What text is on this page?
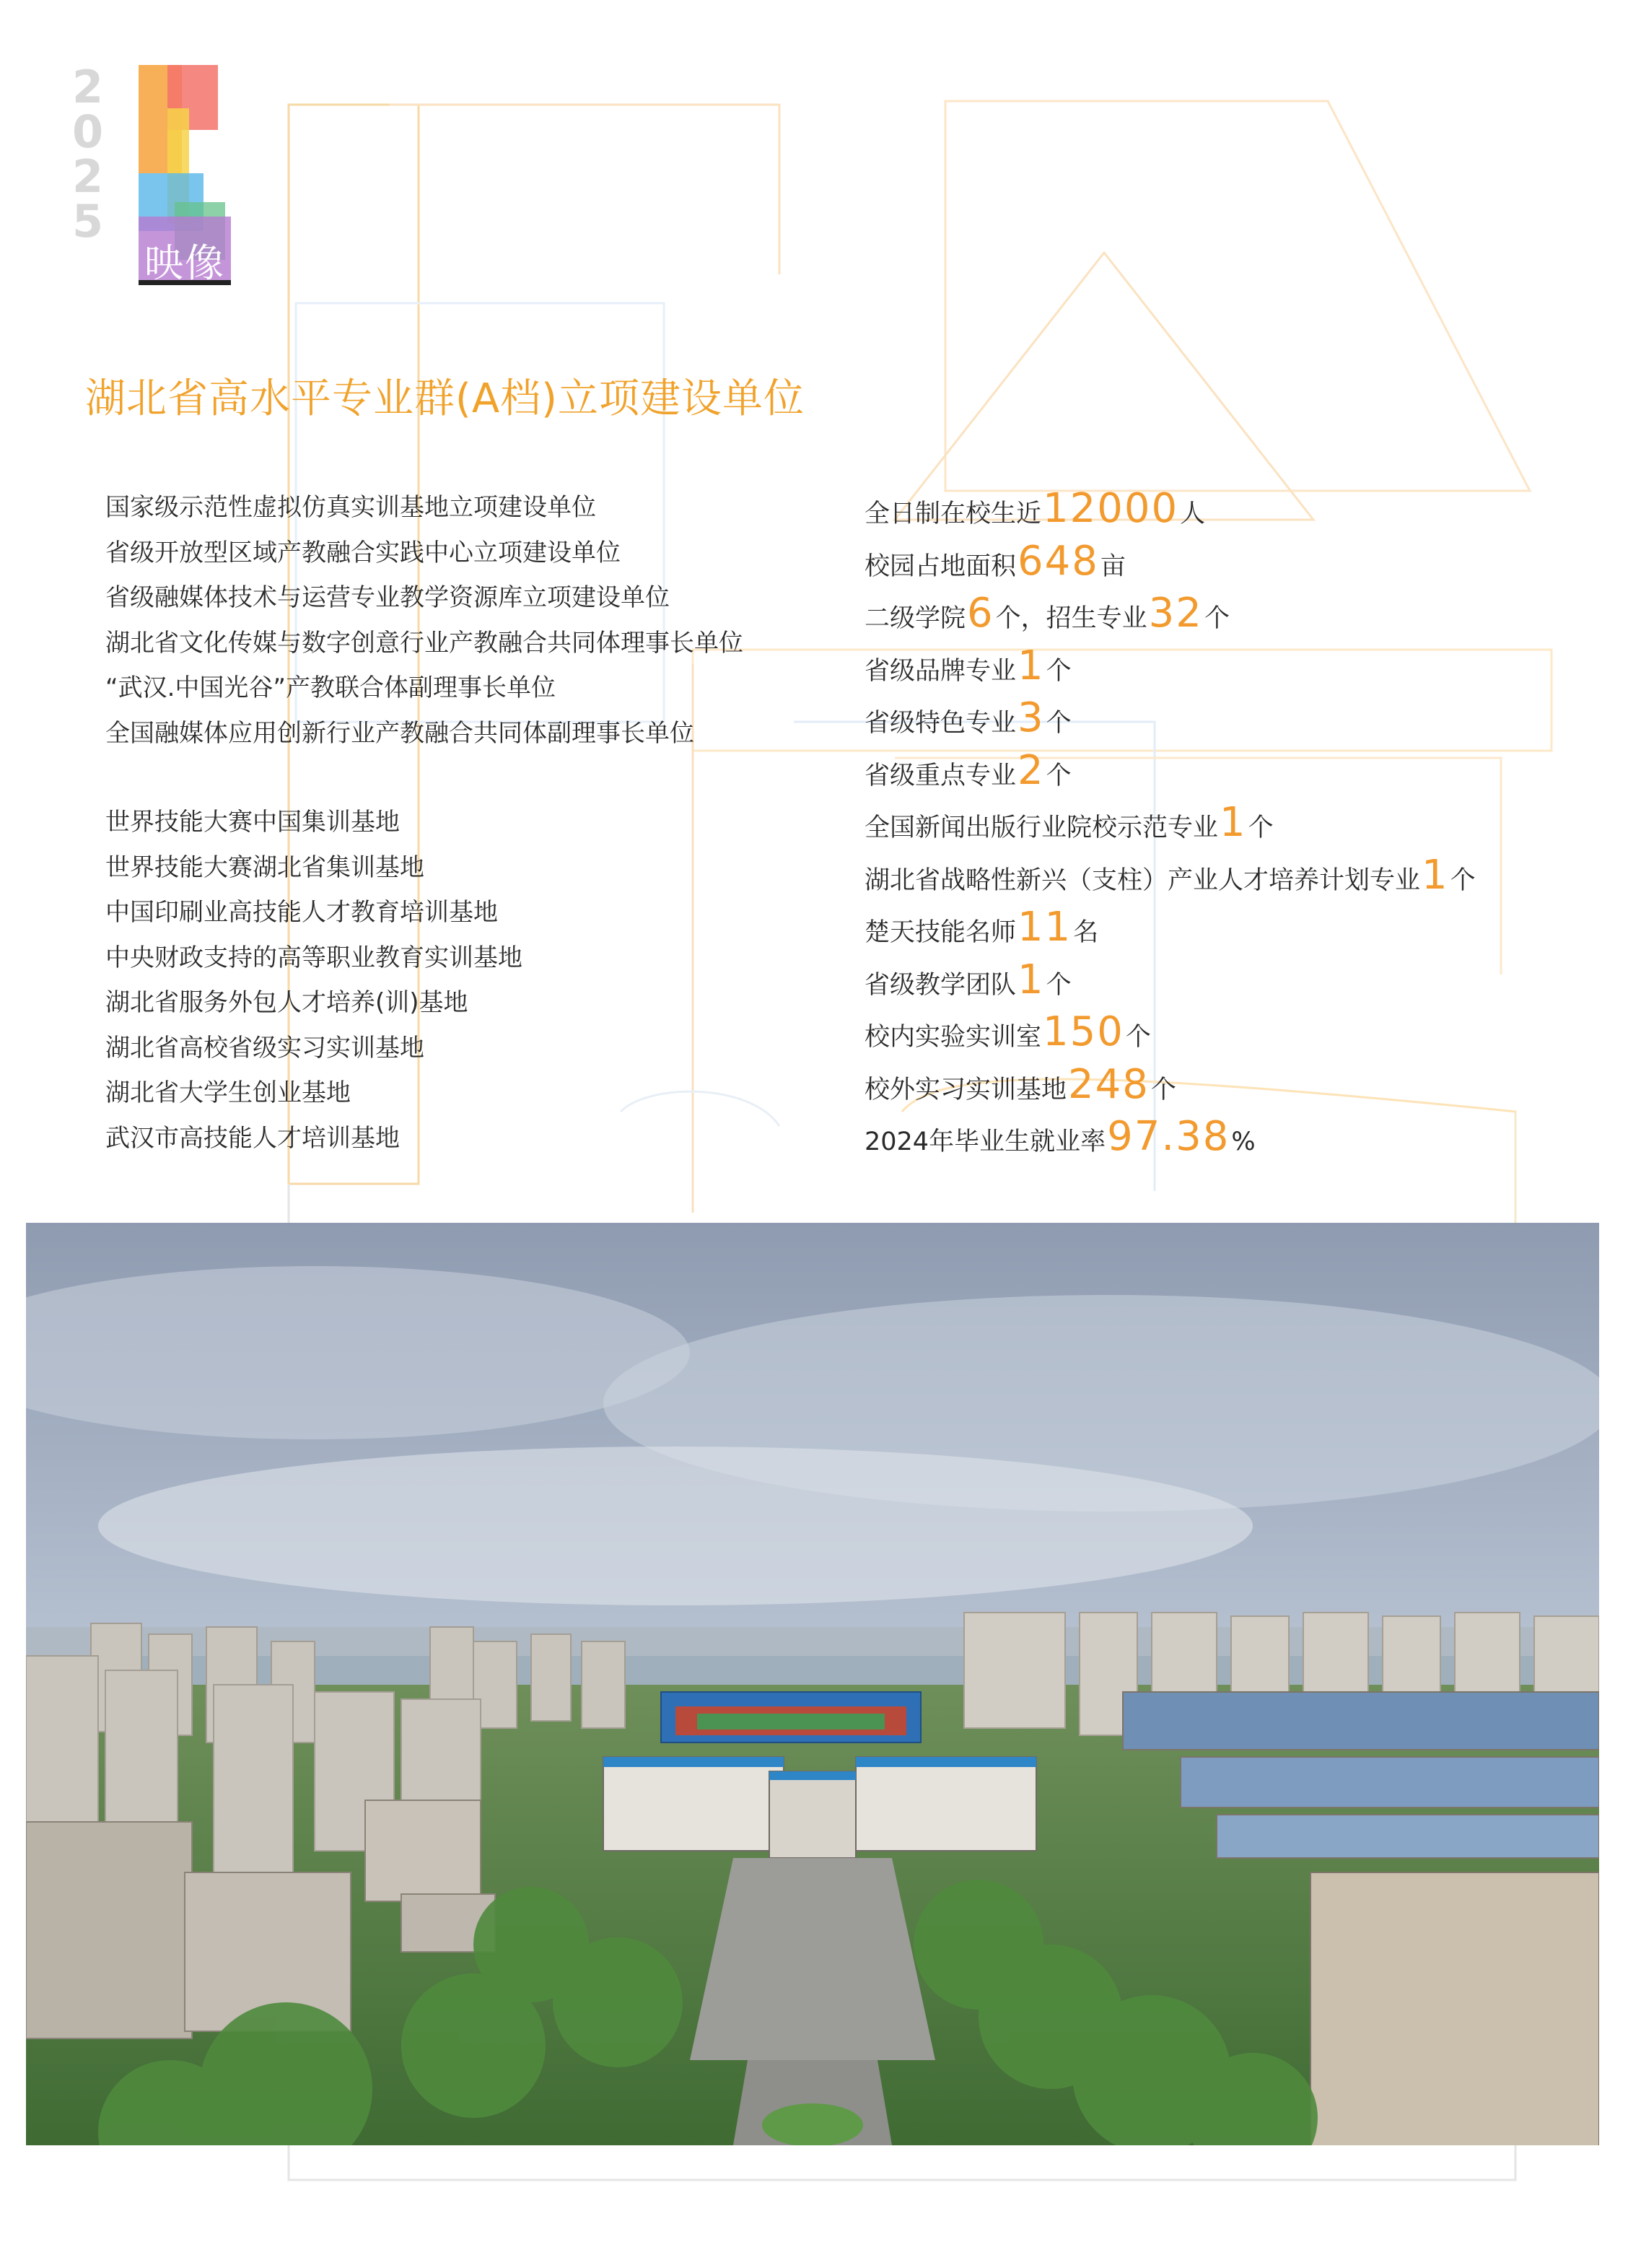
2
0
2
5
映像
湖北省高水平专业群(A档)立项建设单位
国家级示范性虚拟仿真实训基地立项建设单位
省级开放型区域产教融合实践中心立项建设单位
省级融媒体技术与运营专业教学资源库立项建设单位
湖北省文化传媒与数字创意行业产教融合共同体理事长单位
“武汉.中国光谷”产教联合体副理事长单位
全国融媒体应用创新行业产教融合共同体副理事长单位
世界技能大赛中国集训基地
世界技能大赛湖北省集训基地
中国印刷业高技能人才教育培训基地
中央财政支持的高等职业教育实训基地
湖北省服务外包人才培养(训)基地
湖北省高校省级实习实训基地
湖北省大学生创业基地
武汉市高技能人才培训基地
全日制在校生近 12000 人
校园占地面积 648 亩
二级学院 6 个，招生专业 32 个
省级品牌专业 1 个
省级特色专业 3 个
省级重点专业 2 个
全国新闻出版行业院校示范专业 1 个
湖北省战略性新兴（支柱）产业人才培养计划专业 1 个
楚天技能名师 11 名
省级教学团队 1 个
校内实验实训室 150 个
校外实习实训基地 248 个
2024年毕业生就业率 97.38 %
